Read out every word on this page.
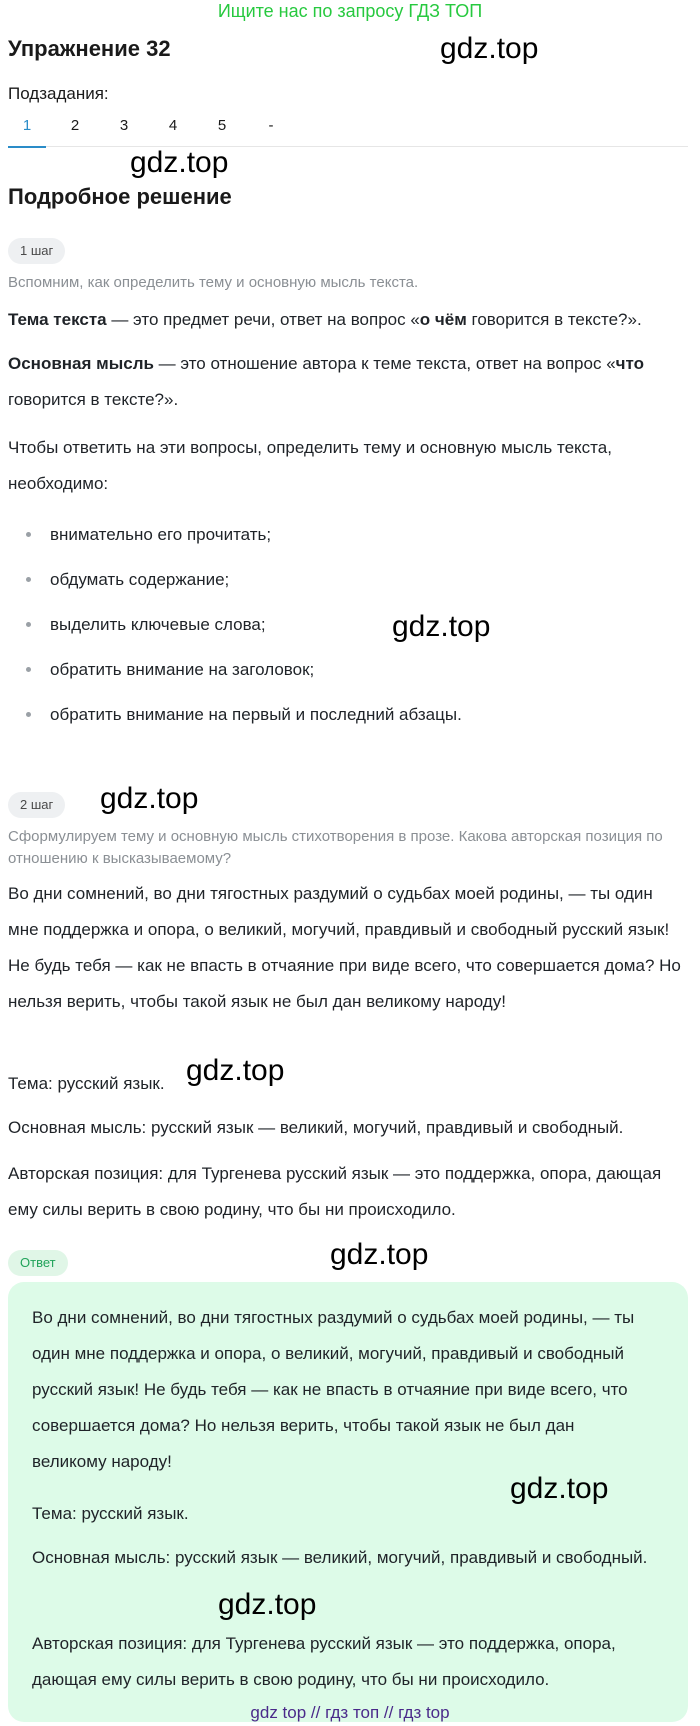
Ищите нас по запросу ГДЗ ТОП
Упражнение 32	gdz.top
Подзадания:
1	2	3	4	5	-
gdz.top
Подробное решение
1 шаг
Вспомним, как определить тему и основную мысль текста.
Тема текста — это предмет речи, ответ на вопрос «о чём говорится в тексте?».
Основная мысль — это отношение автора к теме текста, ответ на вопрос «что говорится в тексте?».
Чтобы ответить на эти вопросы, определить тему и основную мысль текста, необходимо:
внимательно его прочитать;
обдумать содержание;
выделить ключевые слова;
обратить внимание на заголовок;
обратить внимание на первый и последний абзацы.
gdz.top
2 шаг	gdz.top
Сформулируем тему и основную мысль стихотворения в прозе. Какова авторская позиция по отношению к высказываемому?
Во дни сомнений, во дни тягостных раздумий о судьбах моей родины, — ты один мне поддержка и опора, о великий, могучий, правдивый и свободный русский язык! Не будь тебя — как не впасть в отчаяние при виде всего, что совершается дома? Но нельзя верить, чтобы такой язык не был дан великому народу!
Тема: русский язык. gdz.top
Основная мысль: русский язык — великий, могучий, правдивый и свободный.
Авторская позиция: для Тургенева русский язык — это поддержка, опора, дающая ему силы верить в свою родину, что бы ни происходило.
gdz.top
Ответ
Во дни сомнений, во дни тягостных раздумий о судьбах моей родины, — ты один мне поддержка и опора, о великий, могучий, правдивый и свободный русский язык! Не будь тебя — как не впасть в отчаяние при виде всего, что совершается дома? Но нельзя верить, чтобы такой язык не был дан великому народу!
Тема: русский язык.
Основная мысль: русский язык — великий, могучий, правдивый и свободный.
Авторская позиция: для Тургенева русский язык — это поддержка, опора, дающая ему силы верить в свою родину, что бы ни происходило.
gdz.top
gdz.top
gdz top // гдз топ // гдз top
